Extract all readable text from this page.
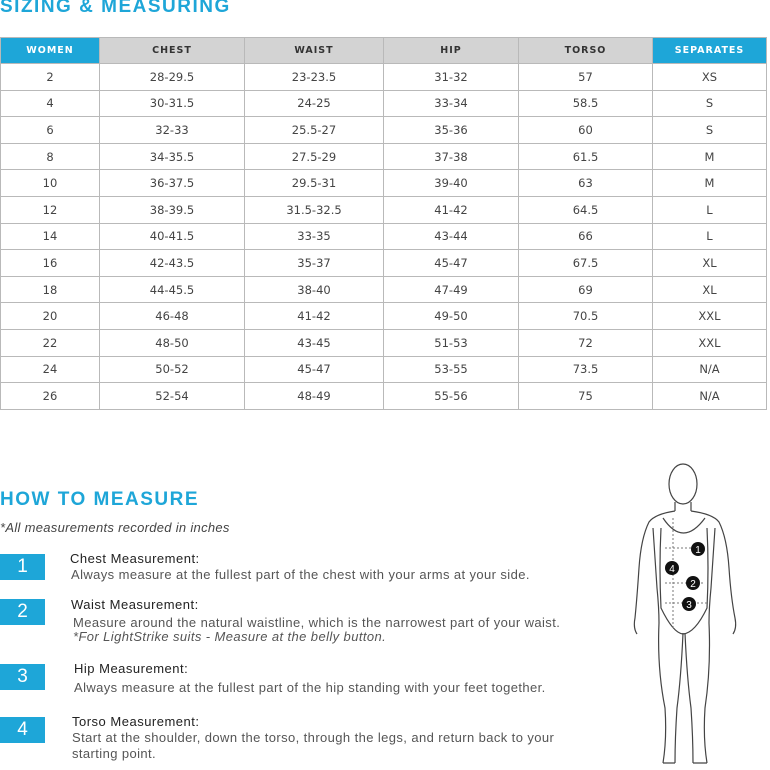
SIZING & MEASURING
WOMEN	CHEST	WAIST	HIP	TORSO	SEPARATES
2	28-29.5	23-23.5	31-32	57	XS
4	30-31.5	24-25	33-34	58.5	S
6	32-33	25.5-27	35-36	60	S
8	34-35.5	27.5-29	37-38	61.5	M
10	36-37.5	29.5-31	39-40	63	M
12	38-39.5	31.5-32.5	41-42	64.5	L
14	40-41.5	33-35	43-44	66	L
16	42-43.5	35-37	45-47	67.5	XL
18	44-45.5	38-40	47-49	69	XL
20	46-48	41-42	49-50	70.5	XXL
22	48-50	43-45	51-53	72	XXL
24	50-52	45-47	53-55	73.5	N/A
26	52-54	48-49	55-56	75	N/A
HOW TO MEASURE
*All measurements recorded in inches
1	Chest Measurement:
Always measure at the fullest part of the chest with your arms at your side.
2	Waist Measurement:
Measure around the natural waistline, which is the narrowest part of your waist.
*For LightStrike suits - Measure at the belly button.
3	Hip Measurement:
Always measure at the fullest part of the hip standing with your feet together.
4	Torso Measurement:
Start at the shoulder, down the torso, through the legs, and return back to your starting point.
1
2
3
4
